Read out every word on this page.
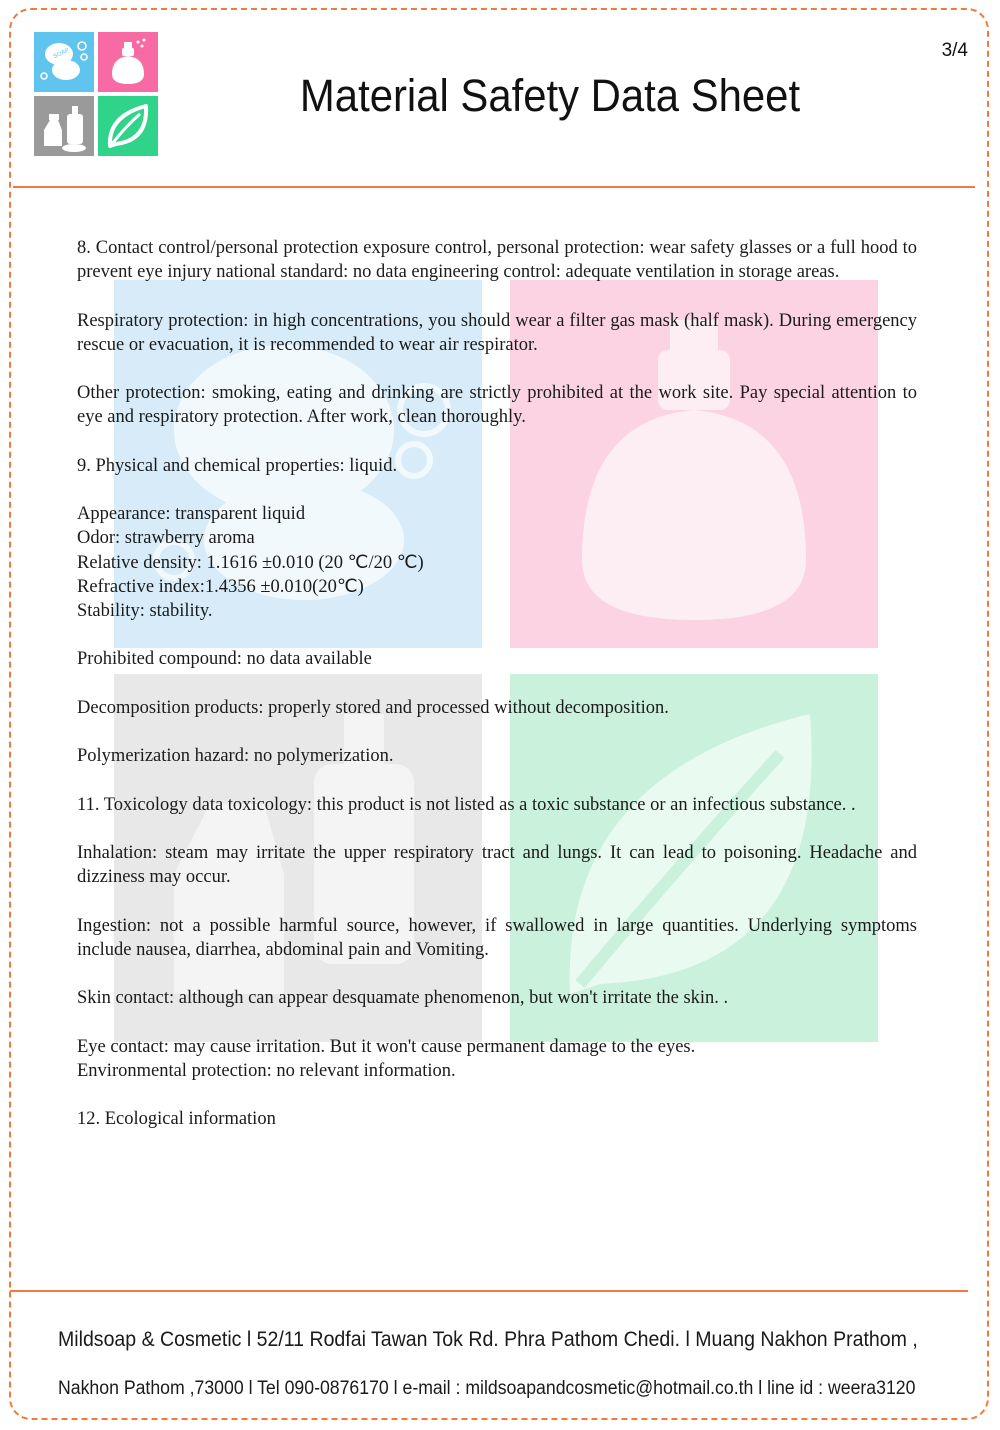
SOAP
Material Safety Data Sheet
3/4

8. Contact control/personal protection exposure control, personal protection: wear safety glasses or a full hood to prevent eye injury national standard: no data engineering control: adequate ventilation in storage areas.

Respiratory protection: in high concentrations, you should wear a filter gas mask (half mask). During emergency rescue or evacuation, it is recommended to wear air respirator.

Other protection: smoking, eating and drinking are strictly prohibited at the work site. Pay special attention to eye and respiratory protection. After work, clean thoroughly.

9. Physical and chemical properties: liquid.

Appearance: transparent liquid
Odor: strawberry aroma
Relative density: 1.1616 ±0.010 (20 ℃/20 ℃)
Refractive index:1.4356 ±0.010(20℃)
Stability: stability.

Prohibited compound: no data available

Decomposition products: properly stored and processed without decomposition.

Polymerization hazard: no polymerization.

11. Toxicology data toxicology: this product is not listed as a toxic substance or an infectious substance. .

Inhalation: steam may irritate the upper respiratory tract and lungs. It can lead to poisoning. Headache and dizziness may occur.

Ingestion: not a possible harmful source, however, if swallowed in large quantities. Underlying symptoms include nausea, diarrhea, abdominal pain and Vomiting.

Skin contact: although can appear desquamate phenomenon, but won't irritate the skin. .

Eye contact: may cause irritation. But it won't cause permanent damage to the eyes.
Environmental protection: no relevant information.

12. Ecological information

Mildsoap & Cosmetic l 52/11 Rodfai Tawan Tok Rd. Phra Pathom Chedi. l Muang Nakhon Prathom ,
Nakhon Pathom ,73000 l Tel 090-0876170 l e-mail : mildsoapandcosmetic@hotmail.co.th l line id : weera3120
